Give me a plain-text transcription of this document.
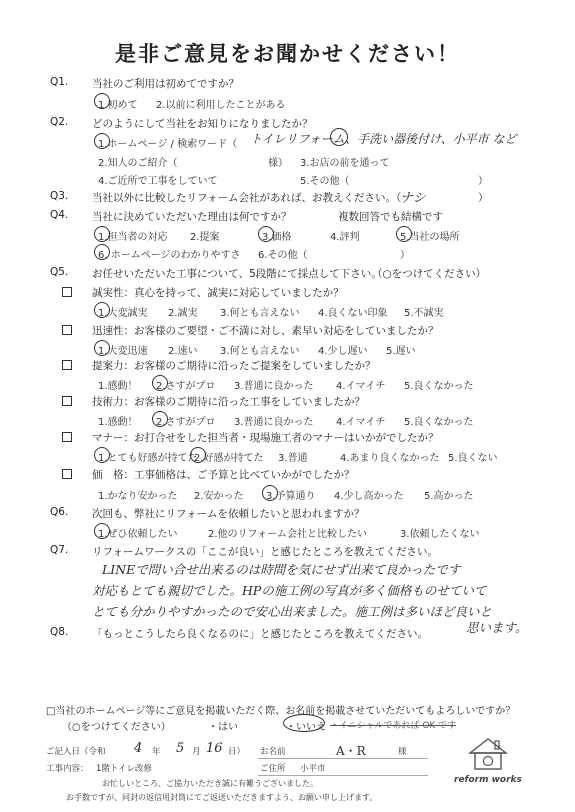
是非ご意見をお聞かせください！
Q1. 当社のご利用は初めてですか？
1.初めて 2.以前に利用したことがある
Q2. どのようにして当社をお知りになりましたか？
1.ホームページ / 検索ワード（ トイレリフォーム、手洗い器後付け、小平市 など
2.知人のご紹介（	様） 3.お店の前を通って
4.ご近所で工事をしていて	5.その他（	）
Q3. 当社以外に比較したリフォーム会社があれば、お教えください。（
ナシ	）
Q4. 当社に決めていただいた理由は何ですか？	複数回答でも結構です
1.担当者の対応 2.提案	3.価格	4.評判	5.当社の場所
6. ホームページのわかりやすさ 6.その他（	）
Q5. お任せいただいた工事について、5段階にて採点して下さい。
（○をつけてください）
誠実性：真心を持って、誠実に対応していましたか？
1.大変誠実 2.誠実 3.何とも言えない 4.良くない印象 5.不誠実
迅速性：お客様のご要望・ご不満に対し、素早い対応をしていましたか？
1.大変迅速 2.速い 3.何とも言えない 4.少し遅い 5.遅い
提案力：お客様のご期待に沿ったご提案をしていましたか？
1.感動！ 2.さすがプロ 3.普通に良かった 4.イマイチ 5.良くなかった
技術力：お客様のご期待に沿った工事をしていましたか？
1.感動！ 2.さすがプロ 3.普通に良かった 4.イマイチ 5.良くなかった
マナー：お打合せをした担当者・現場施工者のマナーはいかがでしたか？
1.とても好感が持てた
2.好感が持てた 3.普通	4.あまり良くなかった 5.良くない
価　格：工事価格は、ご予算と比べていかがでしたか？
1.かなり安かった 2.安かった 3.予算通り 4.少し高かった 5.高かった
Q6. 次回も、弊社にリフォームを依頼したいと思われますか？
1.ぜひ依頼したい	2.他のリフォーム会社と比較したい	3.依頼したくない
Q7. リフォームワークスの「ここが良い」と感じたところを教えてください。
LINEで問い合せ出来るのは時間を気にせず出来て良かったです
対応もとても親切でした。HPの施工例の写真が多く価格ものせていて
とても分かりやすかったので安心出来ました。施工例は多いほど良いと
思います。
Q8. 「もっとこうしたら良くなるのに」と感じたところを教えてください。
□当社のホームページ等にご意見を掲載いただく際、お名前を掲載させていただいてもよろしいですか？
（○をつけてください）	・はい	・いいえ ・イニシャルであれば OK です
ご記入日（令和 4 年 5 月 16 日） お名前	A・R	様
工事内容： 1階トイレ改修	ご住所 小平市
お忙しいところ、ご協力いただき誠に有難うございました。
お手数ですが、同封の返信用封筒にてご返送いただきますよう、お願い申し上げます。
reform works
